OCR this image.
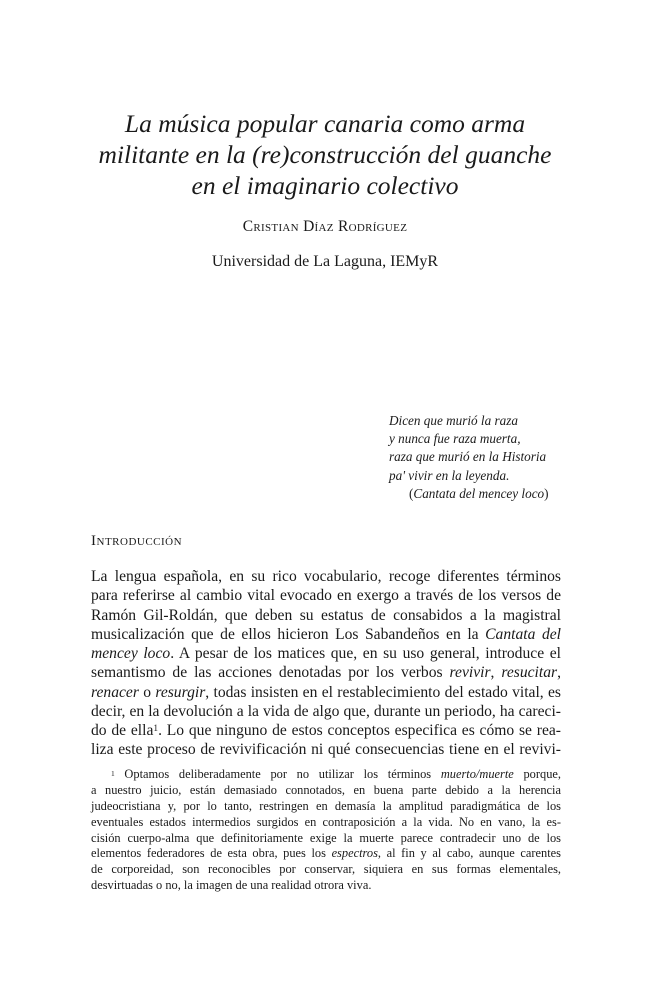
La música popular canaria como arma
militante en la (re)construcción del guanche
en el imaginario colectivo
Cristian Díaz Rodríguez
Universidad de La Laguna, IEMyR
Dicen que murió la raza
y nunca fue raza muerta,
raza que murió en la Historia
pa' vivir en la leyenda.
(Cantata del mencey loco)
Introducción
La lengua española, en su rico vocabulario, recoge diferentes términos
para referirse al cambio vital evocado en exergo a través de los versos de
Ramón Gil-Roldán, que deben su estatus de consabidos a la magistral
musicalización que de ellos hicieron Los Sabandeños en la Cantata del
mencey loco. A pesar de los matices que, en su uso general, introduce el
semantismo de las acciones denotadas por los verbos revivir, resucitar,
renacer o resurgir, todas insisten en el restablecimiento del estado vital, es
decir, en la devolución a la vida de algo que, durante un periodo, ha careci-
do de ella$^1$. Lo que ninguno de estos conceptos especifica es cómo se rea-
liza este proceso de revivificación ni qué consecuencias tiene en el revivi-
$^1$ Optamos deliberadamente por no utilizar los términos muerto/muerte porque,
a nuestro juicio, están demasiado connotados, en buena parte debido a la herencia
judeocristiana y, por lo tanto, restringen en demasía la amplitud paradigmática de los
eventuales estados intermedios surgidos en contraposición a la vida. No en vano, la es-
cisión cuerpo-alma que definitoriamente exige la muerte parece contradecir uno de los
elementos federadores de esta obra, pues los espectros, al fin y al cabo, aunque carentes
de corporeidad, son reconocibles por conservar, siquiera en sus formas elementales,
desvirtuadas o no, la imagen de una realidad otrora viva.
